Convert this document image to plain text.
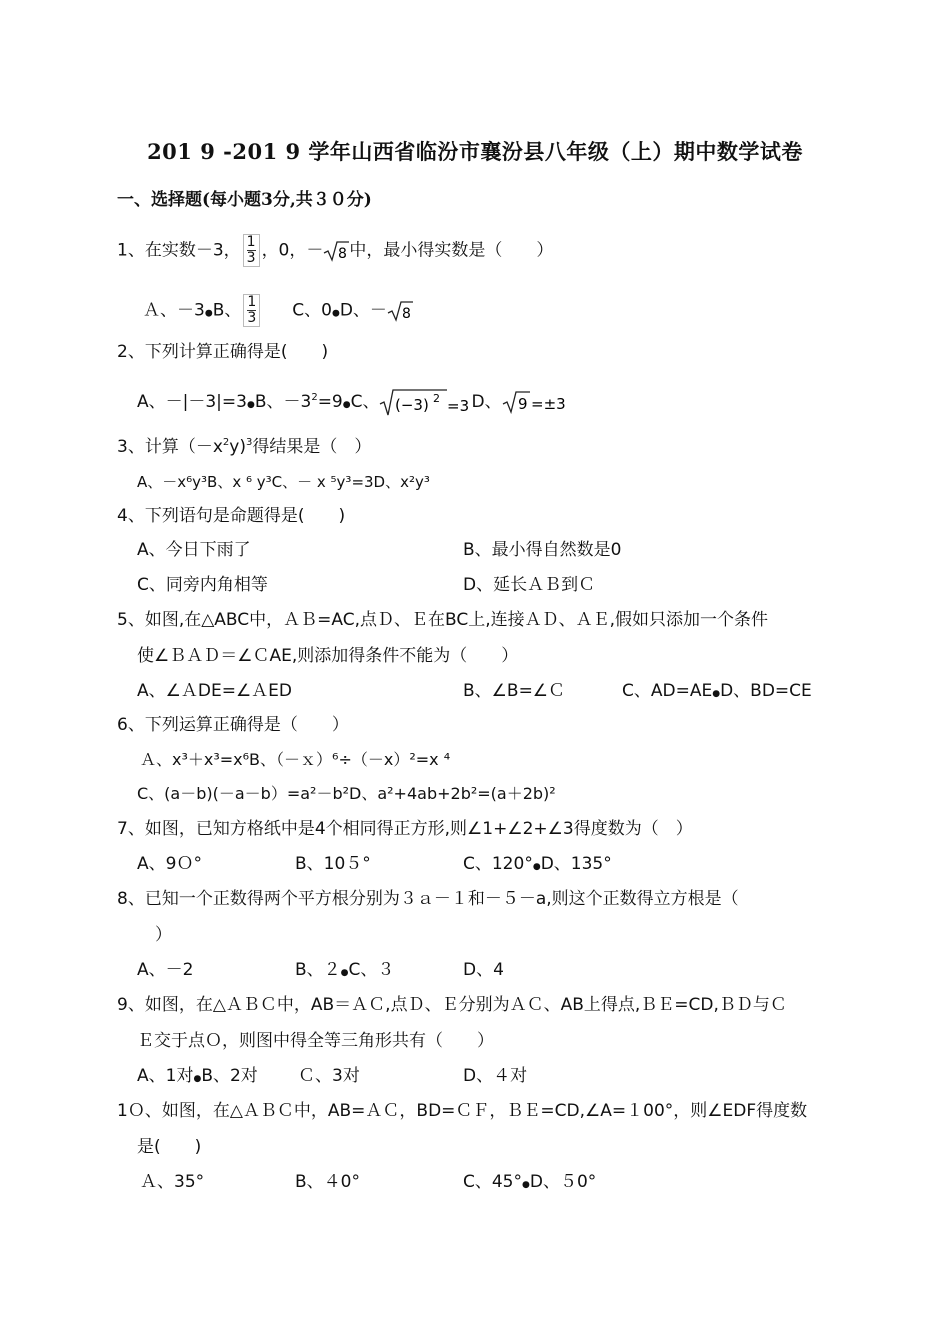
201 9 -201 9 学年山西省临汾市襄汾县八年级（上）期中数学试卷
一、选择题(每小题3分,共３０分)
1、在实数－3， $\frac{1}{3}$ ，0，－ 8 中，最小得实数是（　　）
Ａ、－3●B、 $\frac{1}{3}$ C、0●D、－ 8
2、下列计算正确得是(　　)
A、－|－3|=3●B、$-3^2=9●C$、 (−3) 2 =3 D、 9 =±3
3、计算$(-x^2y)^3$得结果是（　）
A、－x⁶y³B、x ⁶ y³C、－ x ⁵y³=3D、x²y³
4、下列语句是命题得是(　　)
A、今日下雨了	B、最小得自然数是0
C、同旁内角相等	D、延长ＡＢ到Ｃ
5、如图,在△ABC中，ＡＢ=AC,点Ｄ、Ｅ在BC上,连接ＡＤ、ＡＥ,假如只添加一个条件
使∠ＢＡＤ＝∠ＣAE,则添加得条件不能为（　　）
A、∠ＡDE=∠ＡED	B、∠B=∠Ｃ	C、AD=AE●D、BD=CE
6、下列运算正确得是（　　）
Ａ、x³＋x³=x⁶B、（－ｘ）⁶÷（－x）²=x ⁴
C、(a－b)(－a－b）=a²－b²D、a²+4ab+2b²=(a＋2b)²
7、如图，已知方格纸中是4个相同得正方形,则∠1+∠2+∠3得度数为（　）
A、9Ｏ°	B、10５°	C、120°●D、135°
8、已知一个正数得两个平方根分别为３ａ－１和－５－a,则这个正数得立方根是（
）
A、－2	B、２●C、３	D、4
9、如图，在△ＡＢＣ中，AB＝ＡＣ,点Ｄ、Ｅ分别为ＡＣ、AB上得点,ＢＥ=CD,ＢＤ与Ｃ
Ｅ交于点Ｏ，则图中得全等三角形共有（　　）
A、1对●B、2对 Ｃ、3对	D、４对
1Ｏ、如图，在△ＡＢＣ中，AB=ＡＣ，BD=ＣＦ，ＢＥ=CD,∠A=１00°，则∠EDF得度数
是(　　)
Ａ、35°	B、４0°	C、45°●D、５0°
